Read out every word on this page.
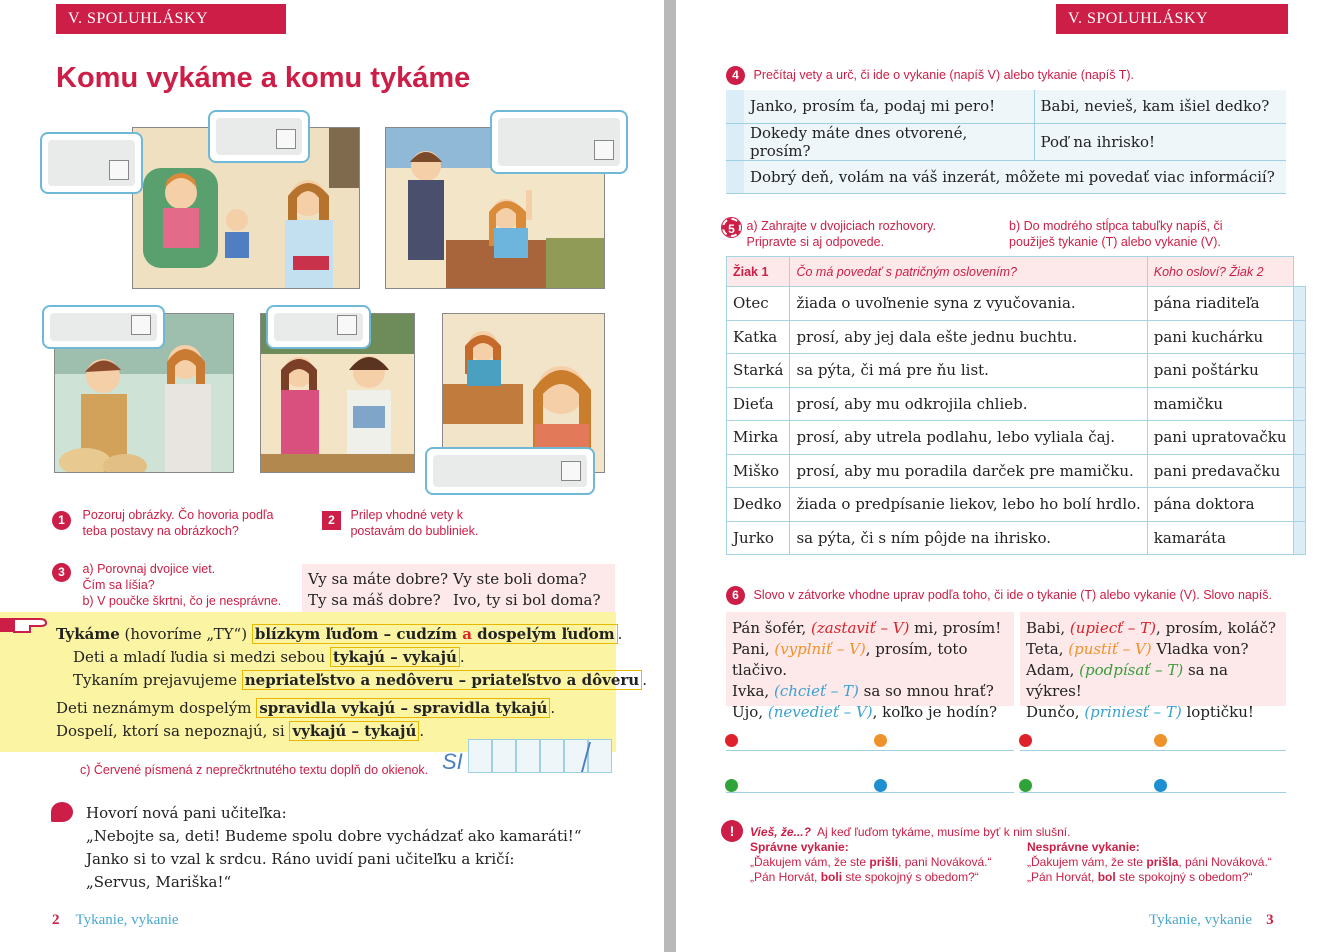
V. SPOLUHLÁSKY
Komu vykáme a komu tykáme
1 Pozoruj obrázky. Čo hovoria podľa teba postavy na obrázkoch?
2 Prilep vhodné vety k postavám do bubliniek.
3 a) Porovnaj dvojice viet. Čím sa líšia?
b) V poučke škrtni, čo je nesprávne.
Vy sa máte dobre? Vy ste boli doma?
Ty sa máš dobre? Ivo, ty si bol doma?
Tykáme (hovoríme „TY“) blízkym ľuďom – cudzím a dospelým ľuďom .
Deti a mladí ľudia si medzi sebou tykajú – vykajú .
Tykaním prejavujeme nepriateľstvo a nedôveru – priateľstvo a dôveru .
Deti neznámym dospelým spravidla vykajú – spravidla tykajú .
Dospelí, ktorí sa nepoznajú, si vykajú – tykajú .
c) Červené písmená z neprečkrtnutého textu doplň do okienok. SI
Hovorí nová pani učiteľka:
„Nebojte sa, deti! Budeme spolu dobre vychádzať ako kamaráti!“
Janko si to vzal k srdcu. Ráno uvidí pani učiteľku a kričí:
„Servus, Mariška!“
2 Tykanie, vykanie
V. SPOLUHLÁSKY
4 Prečítaj vety a urč, či ide o vykanie (napíš V) alebo tykanie (napíš T).
	Janko, prosím ťa, podaj mi pero!	Babi, nevieš, kam išiel dedko?
	Dokedy máte dnes otvorené, prosím?	Poď na ihrisko!
	Dobrý deň, volám na váš inzerát, môžete mi povedať viac informácií?	
5 a) Zahrajte v dvojiciach rozhovory. Pripravte si aj odpovede.
b) Do modrého stĺpca tabuľky napíš, či použiješ tykanie (T) alebo vykanie (V).
Žiak 1	Čo má povedať s patričným oslovením?	Koho osloví? Žiak 2	
Otec	žiada o uvoľnenie syna z vyučovania.	pána riaditeľa	
Katka	prosí, aby jej dala ešte jednu buchtu.	pani kuchárku	
Starká	sa pýta, či má pre ňu list.	pani poštárku	
Dieťa	prosí, aby mu odkrojila chlieb.	mamičku	
Mirka	prosí, aby utrela podlahu, lebo vyliala čaj.	pani upratovačku	
Miško	prosí, aby mu poradila darček pre mamičku.	pani predavačku	
Dedko	žiada o predpísanie liekov, lebo ho bolí hrdlo.	pána doktora	
Jurko	sa pýta, či s ním pôjde na ihrisko.	kamaráta	
6 Slovo v zátvorke vhodne uprav podľa toho, či ide o tykanie (T) alebo vykanie (V). Slovo napíš.
Pán šofér, (zastaviť – V) mi, prosím!
Pani, (vyplniť – V), prosím, toto tlačivo.
Ivka, (chcieť – T) sa so mnou hrať?
Ujo, (nevedieť – V), koľko je hodín?
Babi, (upiecť – T), prosím, koláč?
Teta, (pustiť – V) Vladka von?
Adam, (podpísať – T) sa na výkres!
Dunčo, (priniesť – T) loptičku!
!	Vieš, že...? Aj keď ľuďom tykáme, musíme byť k nim slušní.
Správne vykanie:
„Ďakujem vám, že ste prišli, pani Nováková.“
„Pán Horvát, boli ste spokojný s obedom?“
Nesprávne vykanie:
„Ďakujem vám, že ste prišla, páni Nováková.“
„Pán Horvát, bol ste spokojný s obedom?“
Tykanie, vykanie 3
